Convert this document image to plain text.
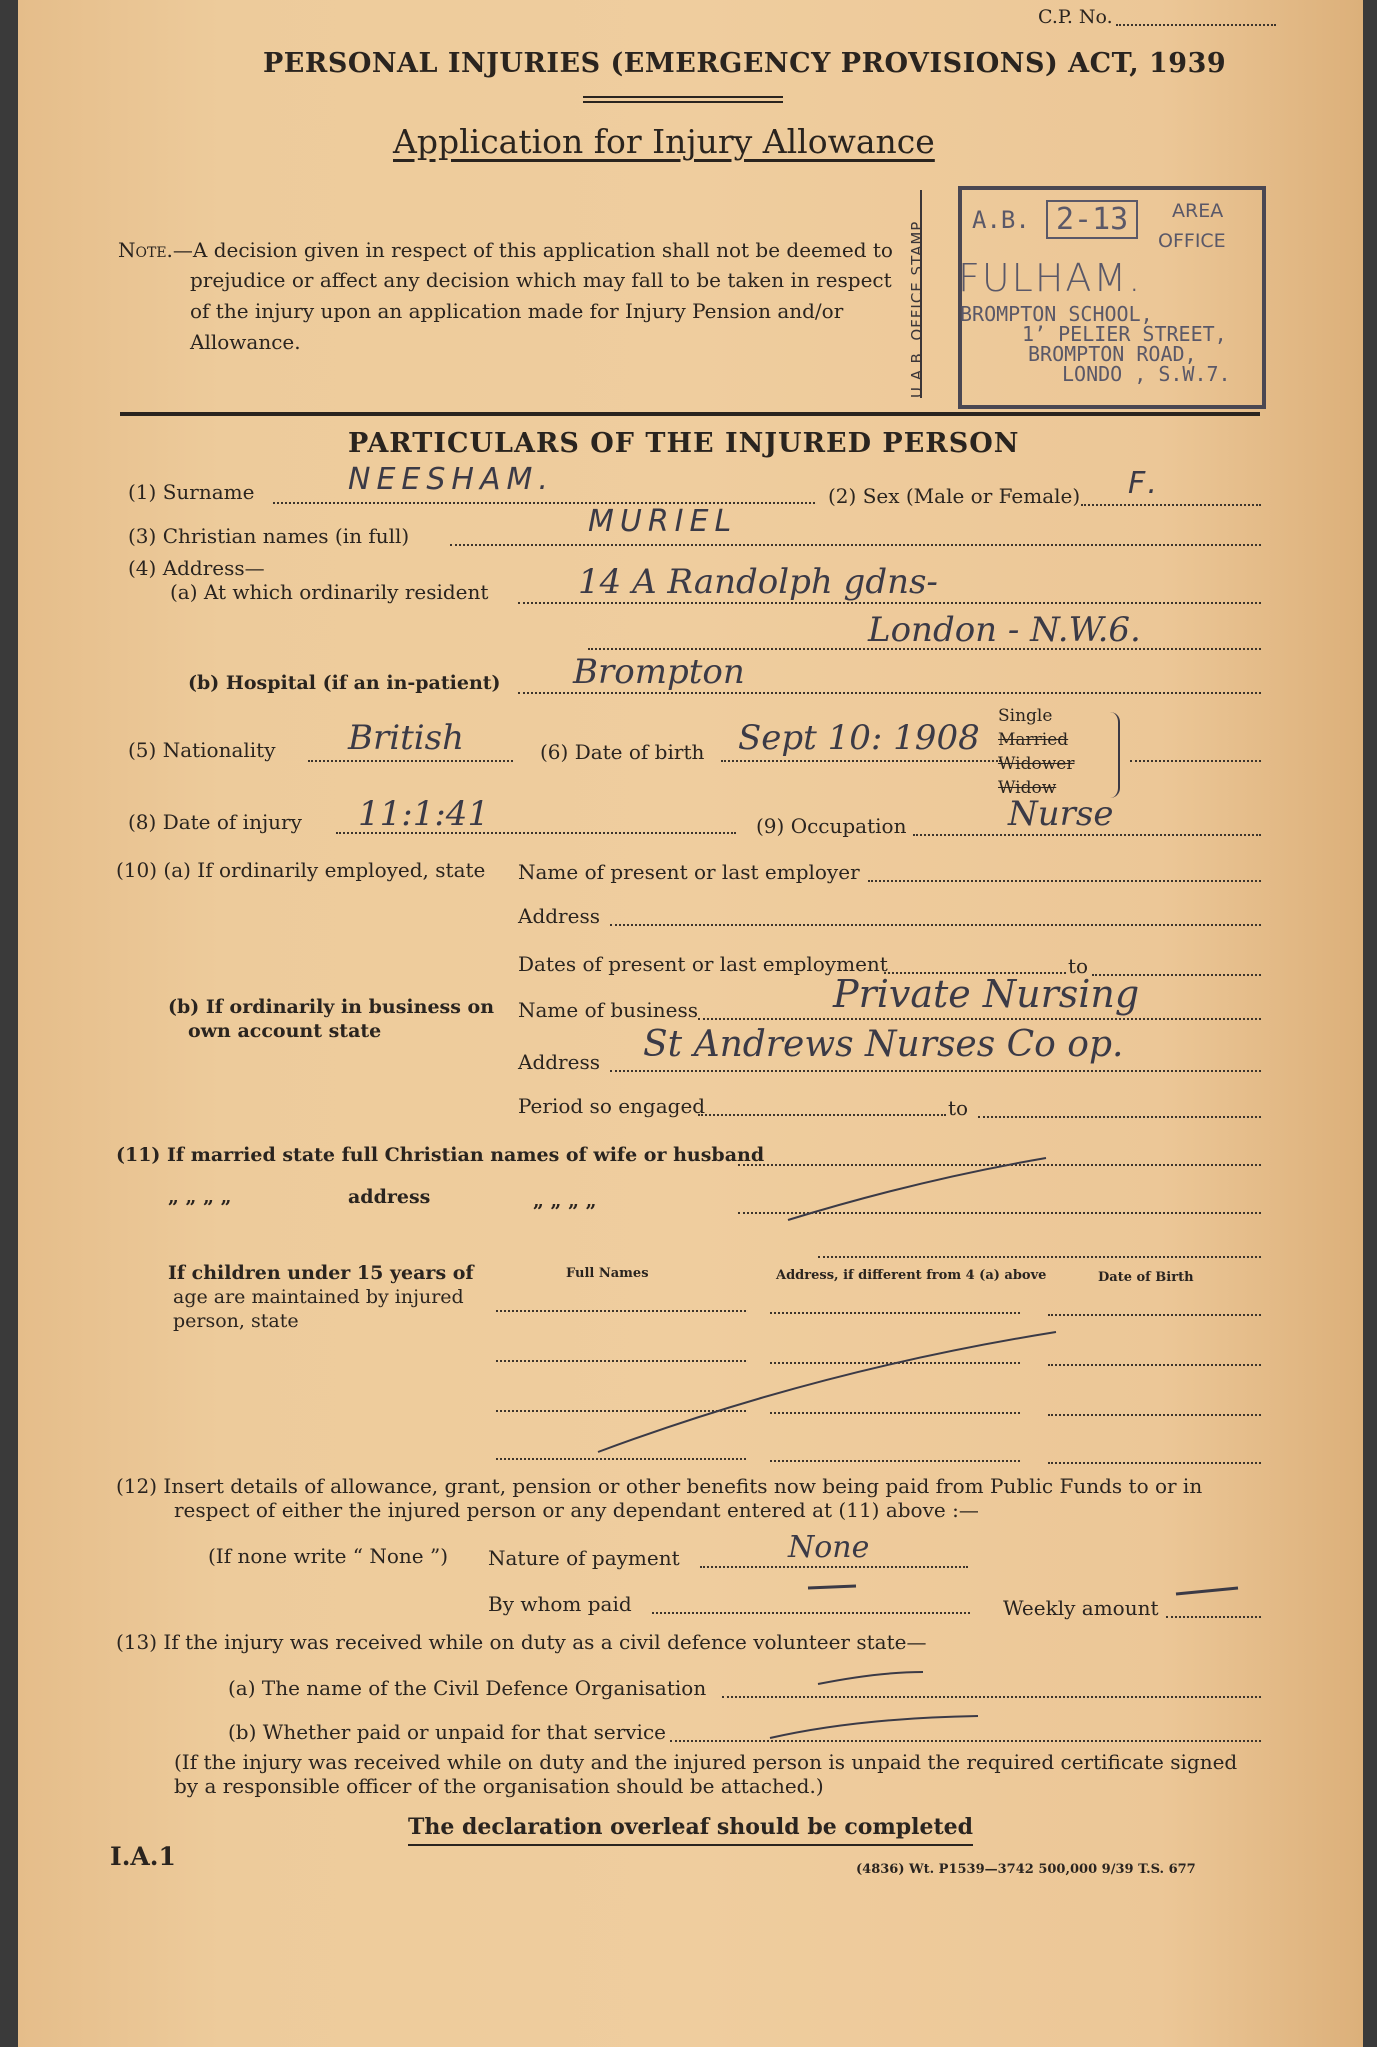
C.P. No.
PERSONAL INJURIES (EMERGENCY PROVISIONS) ACT, 1939
Application for Injury Allowance
Note.—A decision given in respect of this application shall not be deemed to
prejudice or affect any decision which may fall to be taken in respect
of the injury upon an application made for Injury Pension and/or
Allowance.	U.A.B. OFFICE STAMP
A.B. 2-13	AREA
OFFICE
FULHAM.
BROMPTON SCHOOL,
1’ PELIER STREET,
BROMPTON ROAD,
LONDO , S.W.7.
PARTICULARS OF THE INJURED PERSON
(1) Surname	NEESHAM.	(2) Sex (Male or Female) F.
(3) Christian names (in full)	MURIEL
(4) Address—
(a) At which ordinarily resident	14 A Randolph gdns-
London - N.W.6.
(b) Hospital (if an in-patient) Brompton
(5) Nationality British	(6) Date of birth Sept 10: 1908
Single
Married
Widower
Widow
(8) Date of injury 11:1:41	(9) Occupation	Nurse
(10) (a) If ordinarily employed, state Name of present or last employer
Address
Dates of present or last employment	to
(b) If ordinarily in business on
own account state
Name of business	Private Nursing
Address St Andrews Nurses Co op.
Period so engaged	to
(11) If married state full Christian names of wife or husband
„ „ „ „	address	„ „ „ „
If children under 15 years of
age are maintained by injured
person, state
Full Names	Address, if different from 4 (a) above	Date of Birth
(12) Insert details of allowance, grant, pension or other benefits now being paid from Public Funds to or in
respect of either the injured person or any dependant entered at (11) above :—
(If none write “ None ”) Nature of payment	None
By whom paid	Weekly amount
(13) If the injury was received while on duty as a civil defence volunteer state—
(a) The name of the Civil Defence Organisation
(b) Whether paid or unpaid for that service
(If the injury was received while on duty and the injured person is unpaid the required certificate signed
by a responsible officer of the organisation should be attached.)
The declaration overleaf should be completed
I.A.1	(4836) Wt. P1539—3742 500,000 9/39 T.S. 677
